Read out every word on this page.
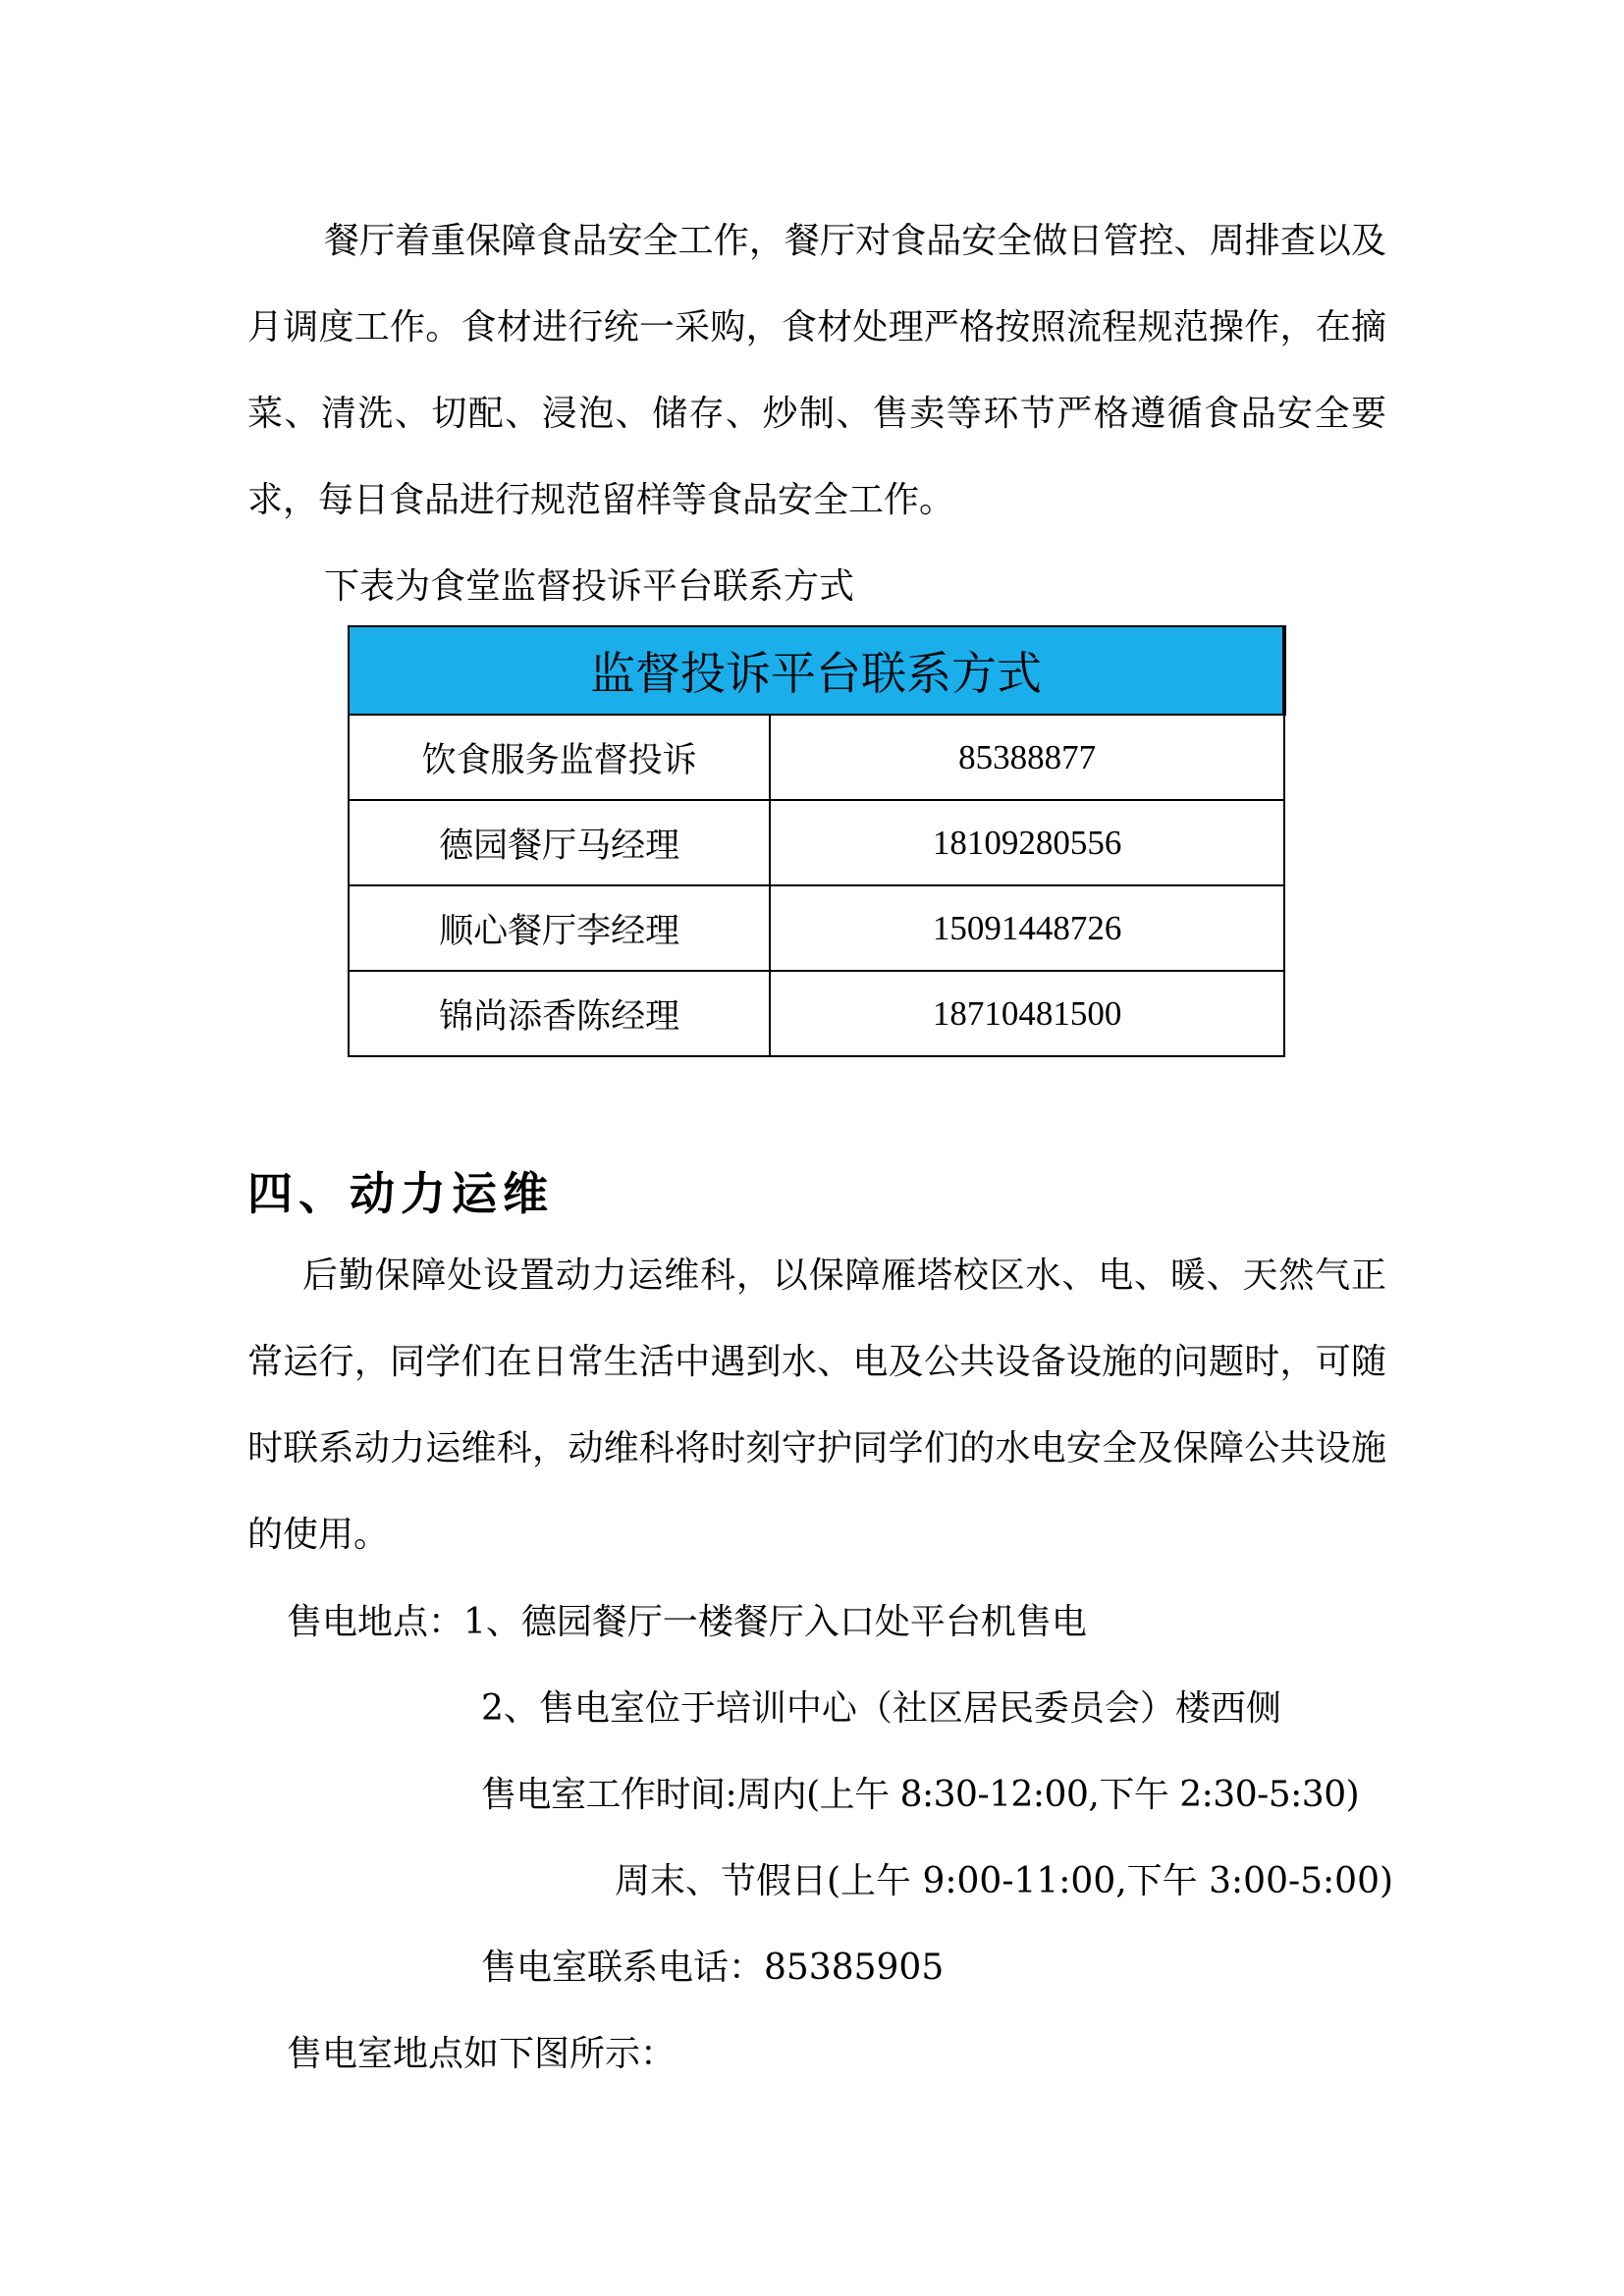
餐厅着重保障食品安全工作，餐厅对食品安全做日管控、周排查以及月调度工作。食材进行统一采购，食材处理严格按照流程规范操作，在摘菜、清洗、切配、浸泡、储存、炒制、售卖等环节严格遵循食品安全要求，每日食品进行规范留样等食品安全工作。

下表为食堂监督投诉平台联系方式

监督投诉平台联系方式	
饮食服务监督投诉	85388877
德园餐厅马经理	18109280556
顺心餐厅李经理	15091448726
锦尚添香陈经理	18710481500
四、动力运维

后勤保障处设置动力运维科，以保障雁塔校区水、电、暖、天然气正常运行，同学们在日常生活中遇到水、电及公共设备设施的问题时，可随时联系动力运维科，动维科将时刻守护同学们的水电安全及保障公共设施的使用。

售电地点：1、德园餐厅一楼餐厅入口处平台机售电

2、售电室位于培训中心（社区居民委员会）楼西侧

售电室工作时间:周内(上午 8:30-12:00,下午 2:30-5:30)

周末、节假日(上午 9:00-11:00,下午 3:00-5:00)

售电室联系电话：85385905

售电室地点如下图所示：
